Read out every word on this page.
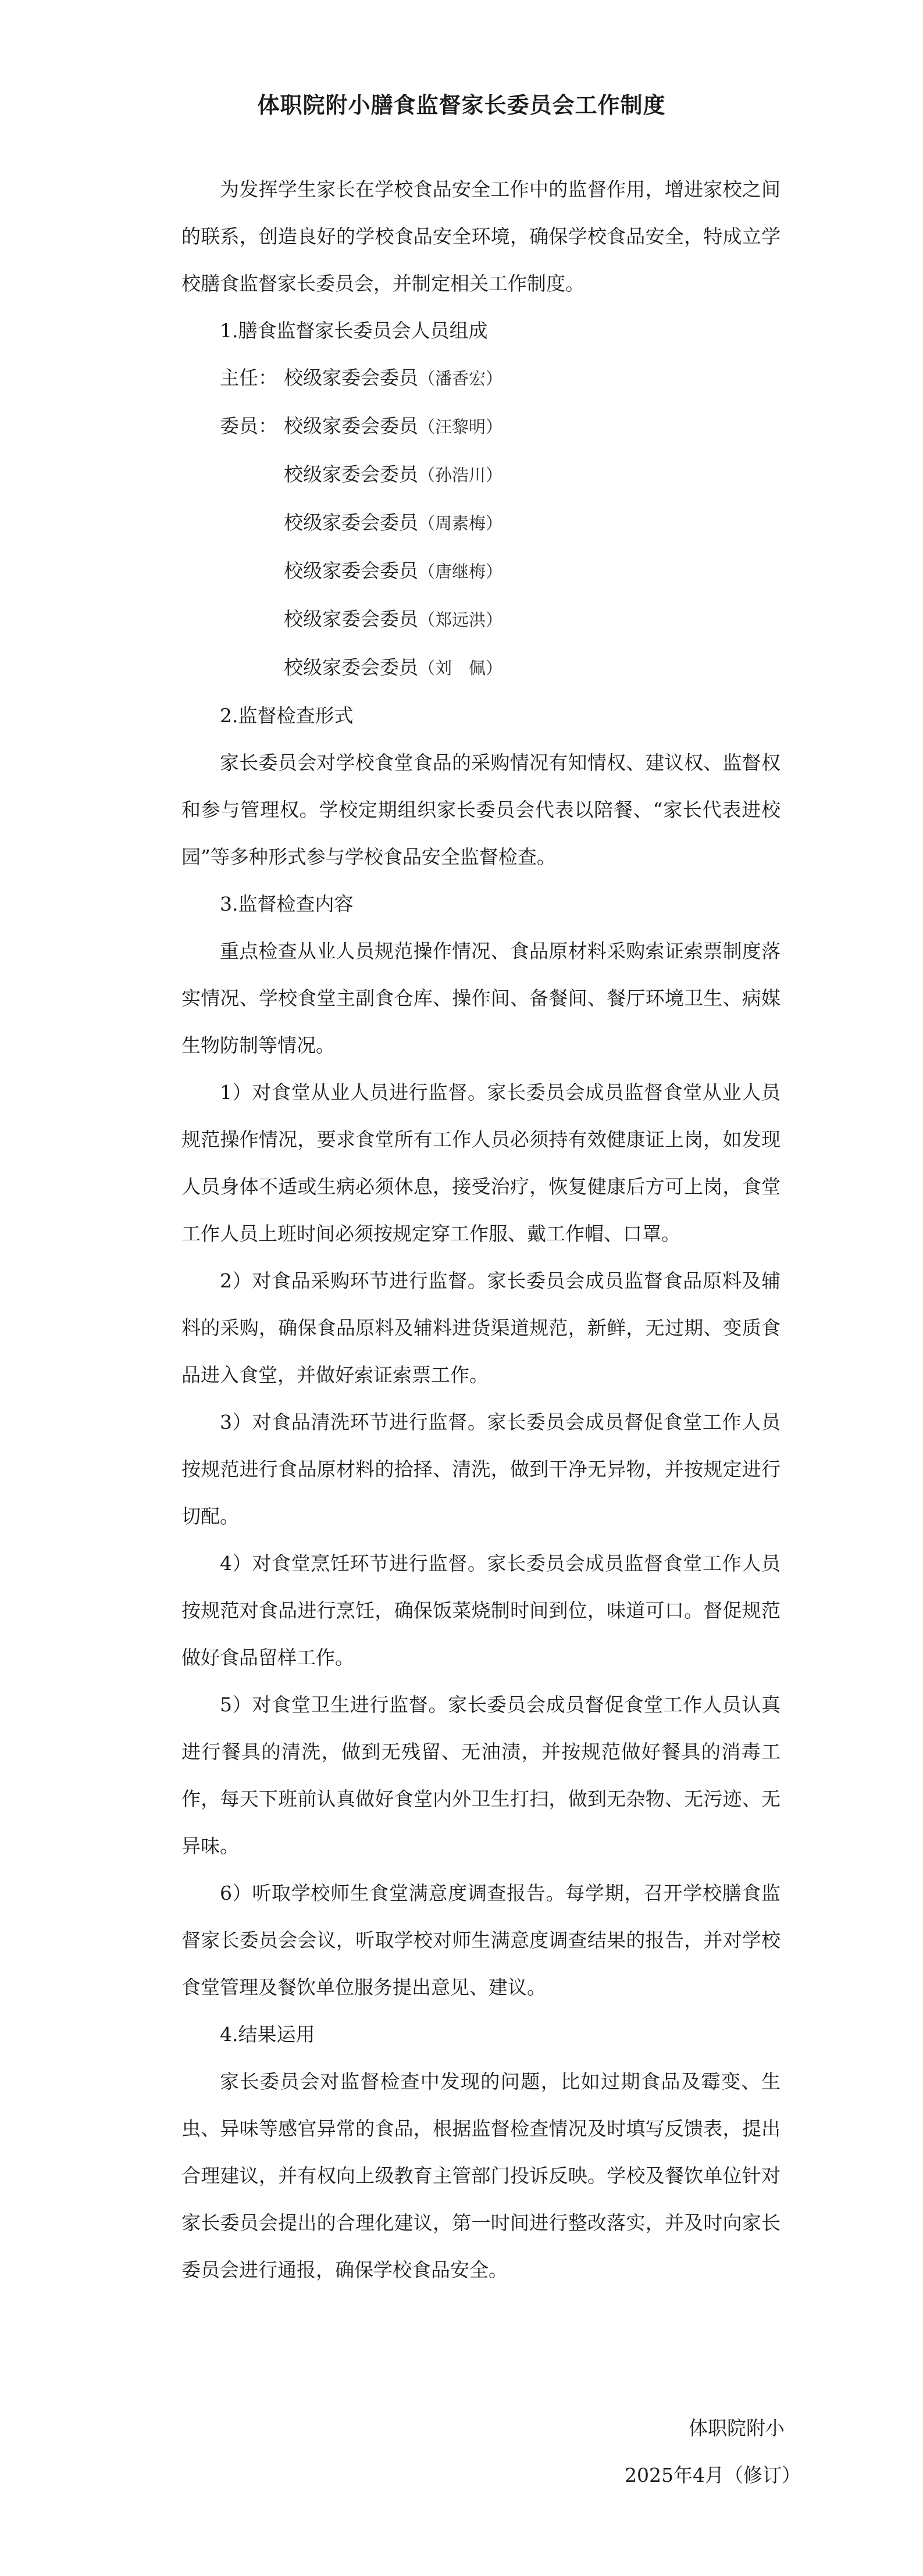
体职院附小膳食监督家长委员会工作制度

为发挥学生家长在学校食品安全工作中的监督作用，增进家校之间的联系，创造良好的学校食品安全环境，确保学校食品安全，特成立学校膳食监督家长委员会，并制定相关工作制度。

1.膳食监督家长委员会人员组成

主任： 校级家委会委员（潘香宏）

委员： 校级家委会委员（汪黎明）

校级家委会委员（孙浩川）

校级家委会委员（周素梅）

校级家委会委员（唐继梅）

校级家委会委员（郑远洪）

校级家委会委员（刘　佩）

2.监督检查形式

家长委员会对学校食堂食品的采购情况有知情权、建议权、监督权和参与管理权。学校定期组织家长委员会代表以陪餐、“家长代表进校园”等多种形式参与学校食品安全监督检查。

3.监督检查内容

重点检查从业人员规范操作情况、食品原材料采购索证索票制度落实情况、学校食堂主副食仓库、操作间、备餐间、餐厅环境卫生、病媒生物防制等情况。

1）对食堂从业人员进行监督。家长委员会成员监督食堂从业人员规范操作情况，要求食堂所有工作人员必须持有效健康证上岗，如发现人员身体不适或生病必须休息，接受治疗，恢复健康后方可上岗，食堂工作人员上班时间必须按规定穿工作服、戴工作帽、口罩。

2）对食品采购环节进行监督。家长委员会成员监督食品原料及辅料的采购，确保食品原料及辅料进货渠道规范，新鲜，无过期、变质食品进入食堂，并做好索证索票工作。

3）对食品清洗环节进行监督。家长委员会成员督促食堂工作人员按规范进行食品原材料的拾择、清洗，做到干净无异物，并按规定进行切配。

4）对食堂烹饪环节进行监督。家长委员会成员监督食堂工作人员按规范对食品进行烹饪，确保饭菜烧制时间到位，味道可口。督促规范做好食品留样工作。

5）对食堂卫生进行监督。家长委员会成员督促食堂工作人员认真进行餐具的清洗，做到无残留、无油渍，并按规范做好餐具的消毒工作，每天下班前认真做好食堂内外卫生打扫，做到无杂物、无污迹、无异味。

6）听取学校师生食堂满意度调查报告。每学期，召开学校膳食监督家长委员会会议，听取学校对师生满意度调查结果的报告，并对学校食堂管理及餐饮单位服务提出意见、建议。

4.结果运用

家长委员会对监督检查中发现的问题，比如过期食品及霉变、生虫、异味等感官异常的食品，根据监督检查情况及时填写反馈表，提出合理建议，并有权向上级教育主管部门投诉反映。学校及餐饮单位针对家长委员会提出的合理化建议，第一时间进行整改落实，并及时向家长委员会进行通报，确保学校食品安全。

体职院附小
2025年4月（修订）
